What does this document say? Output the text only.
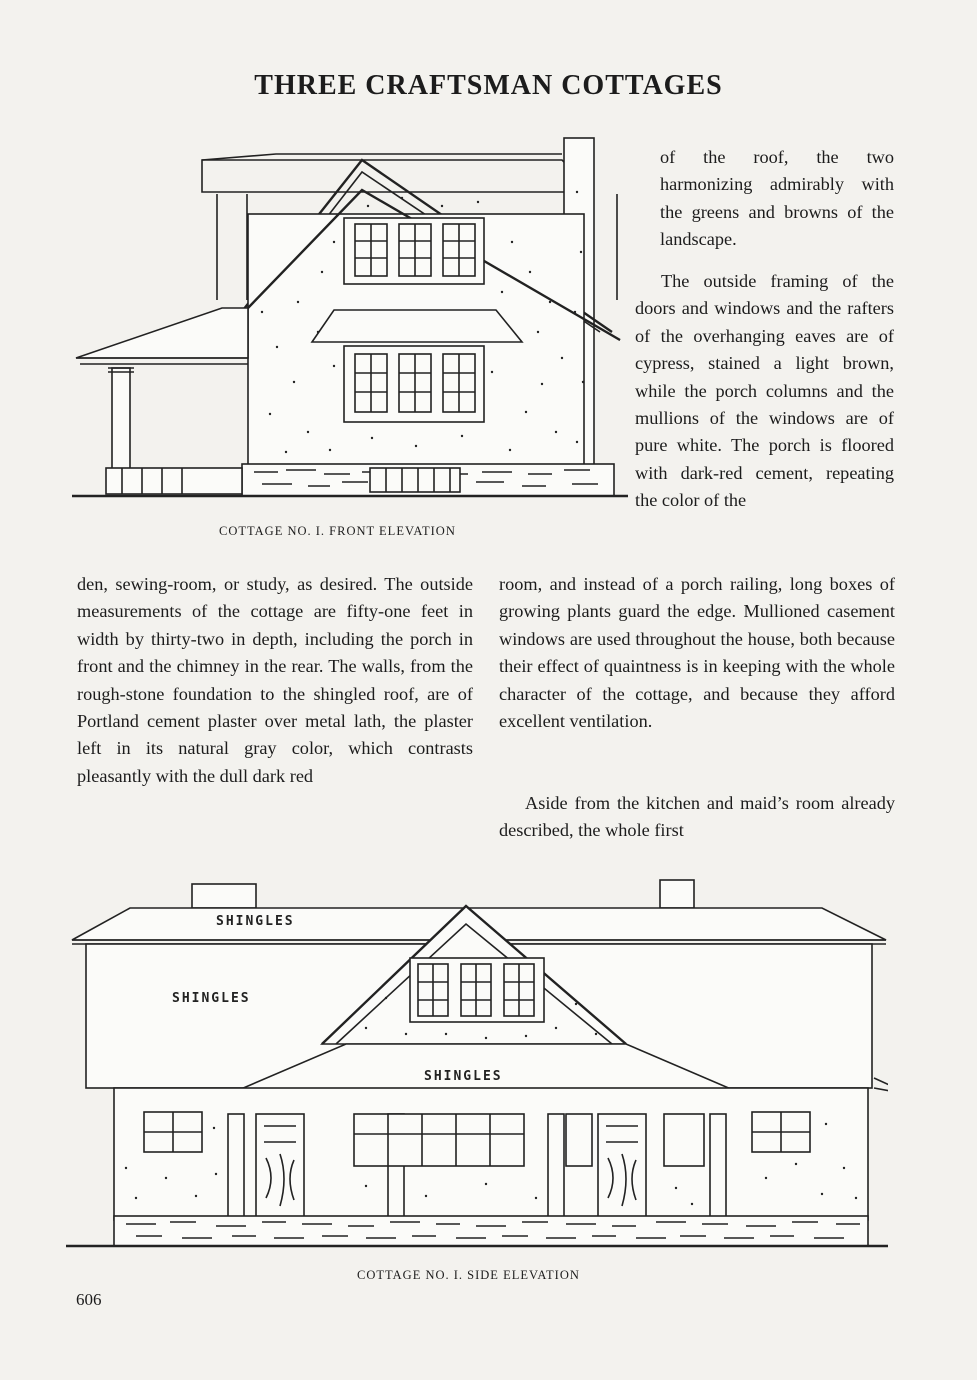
THREE CRAFTSMAN COTTAGES
COTTAGE NO. I. FRONT ELEVATION

of the roof, the two harmonizing admirably with the greens and browns of the landscape.

The outside framing of the doors and windows and the rafters of the overhanging eaves are of cypress, stained a light brown, while the porch columns and the mullions of the windows are of pure white. The porch is floored with dark-red cement, repeating the color of the

den, sewing-room, or study, as desired. The outside measurements of the cottage are fifty-one feet in width by thirty-two in depth, including the porch in front and the chimney in the rear. The walls, from the rough-stone foundation to the shingled roof, are of Portland cement plaster over metal lath, the plaster left in its natural gray color, which contrasts pleasantly with the dull dark red

room, and instead of a porch railing, long boxes of growing plants guard the edge. Mullioned casement windows are used throughout the house, both because their effect of quaintness is in keeping with the whole character of the cottage, and because they afford excellent ventilation.

Aside from the kitchen and maid’s room already described, the whole first

SHINGLES
SHINGLES
SHINGLES
COTTAGE NO. I. SIDE ELEVATION
606
